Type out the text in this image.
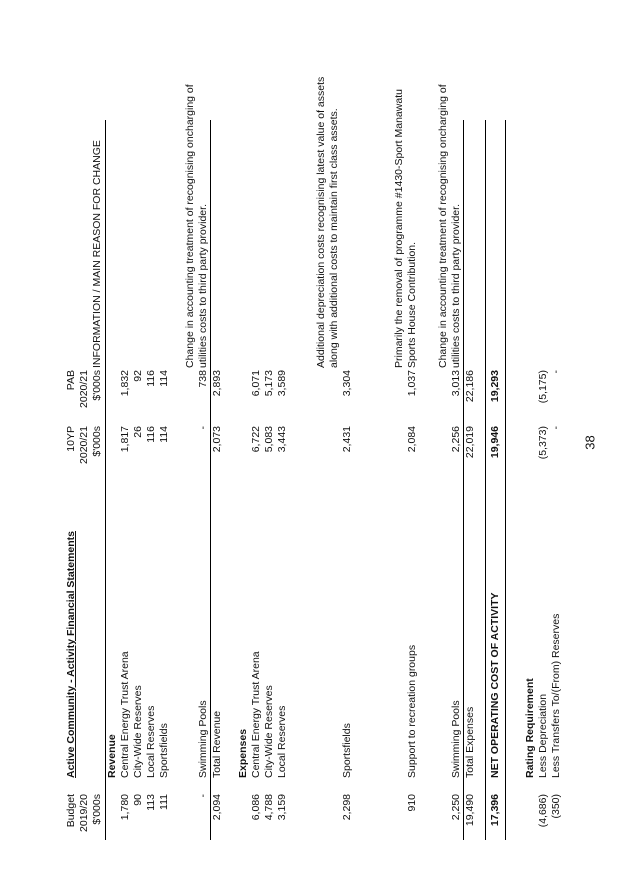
Budget 2019/20 $'000s
Active Community - Activity Financial Statements
10YP 2020/21 $'000s
PAB 2020/21 $'000s
INFORMATION / MAIN REASON FOR CHANGE
Revenue
1,780
Central Energy Trust Arena
1,817
1,832
90
City-Wide Reserves
26
92
113
Local Reserves
116
116
111
Sportsfields
114
114
-
Swimming Pools
-
738
Change in accounting treatment of recognising oncharging of utilities costs to third party provider.
2,094
Total Revenue
2,073
2,893
Expenses
6,086
Central Energy Trust Arena
6,722
6,071
4,788
City-Wide Reserves
5,083
5,173
3,159
Local Reserves
3,443
3,589
2,298
Sportsfields
2,431
3,304
Additional depreciation costs recognising latest value of assets along with additional costs to maintain first class assets.
910
Support to recreation groups
2,084
1,037
Primarily the removal of programme #1430-Sport Manawatu Sports House Contribution.
2,250
Swimming Pools
2,256
3,013
Change in accounting treatment of recognising oncharging of utilities costs to third party provider.
19,490
Total Expenses
22,019
22,186
17,396
NET OPERATING COST OF ACTIVITY
19,946
19,293
Rating Requirement
(4,686)
Less Depreciation
(5,373)
(5,175)
(350)
Less Transfers To/(From) Reserves
-
-
38
